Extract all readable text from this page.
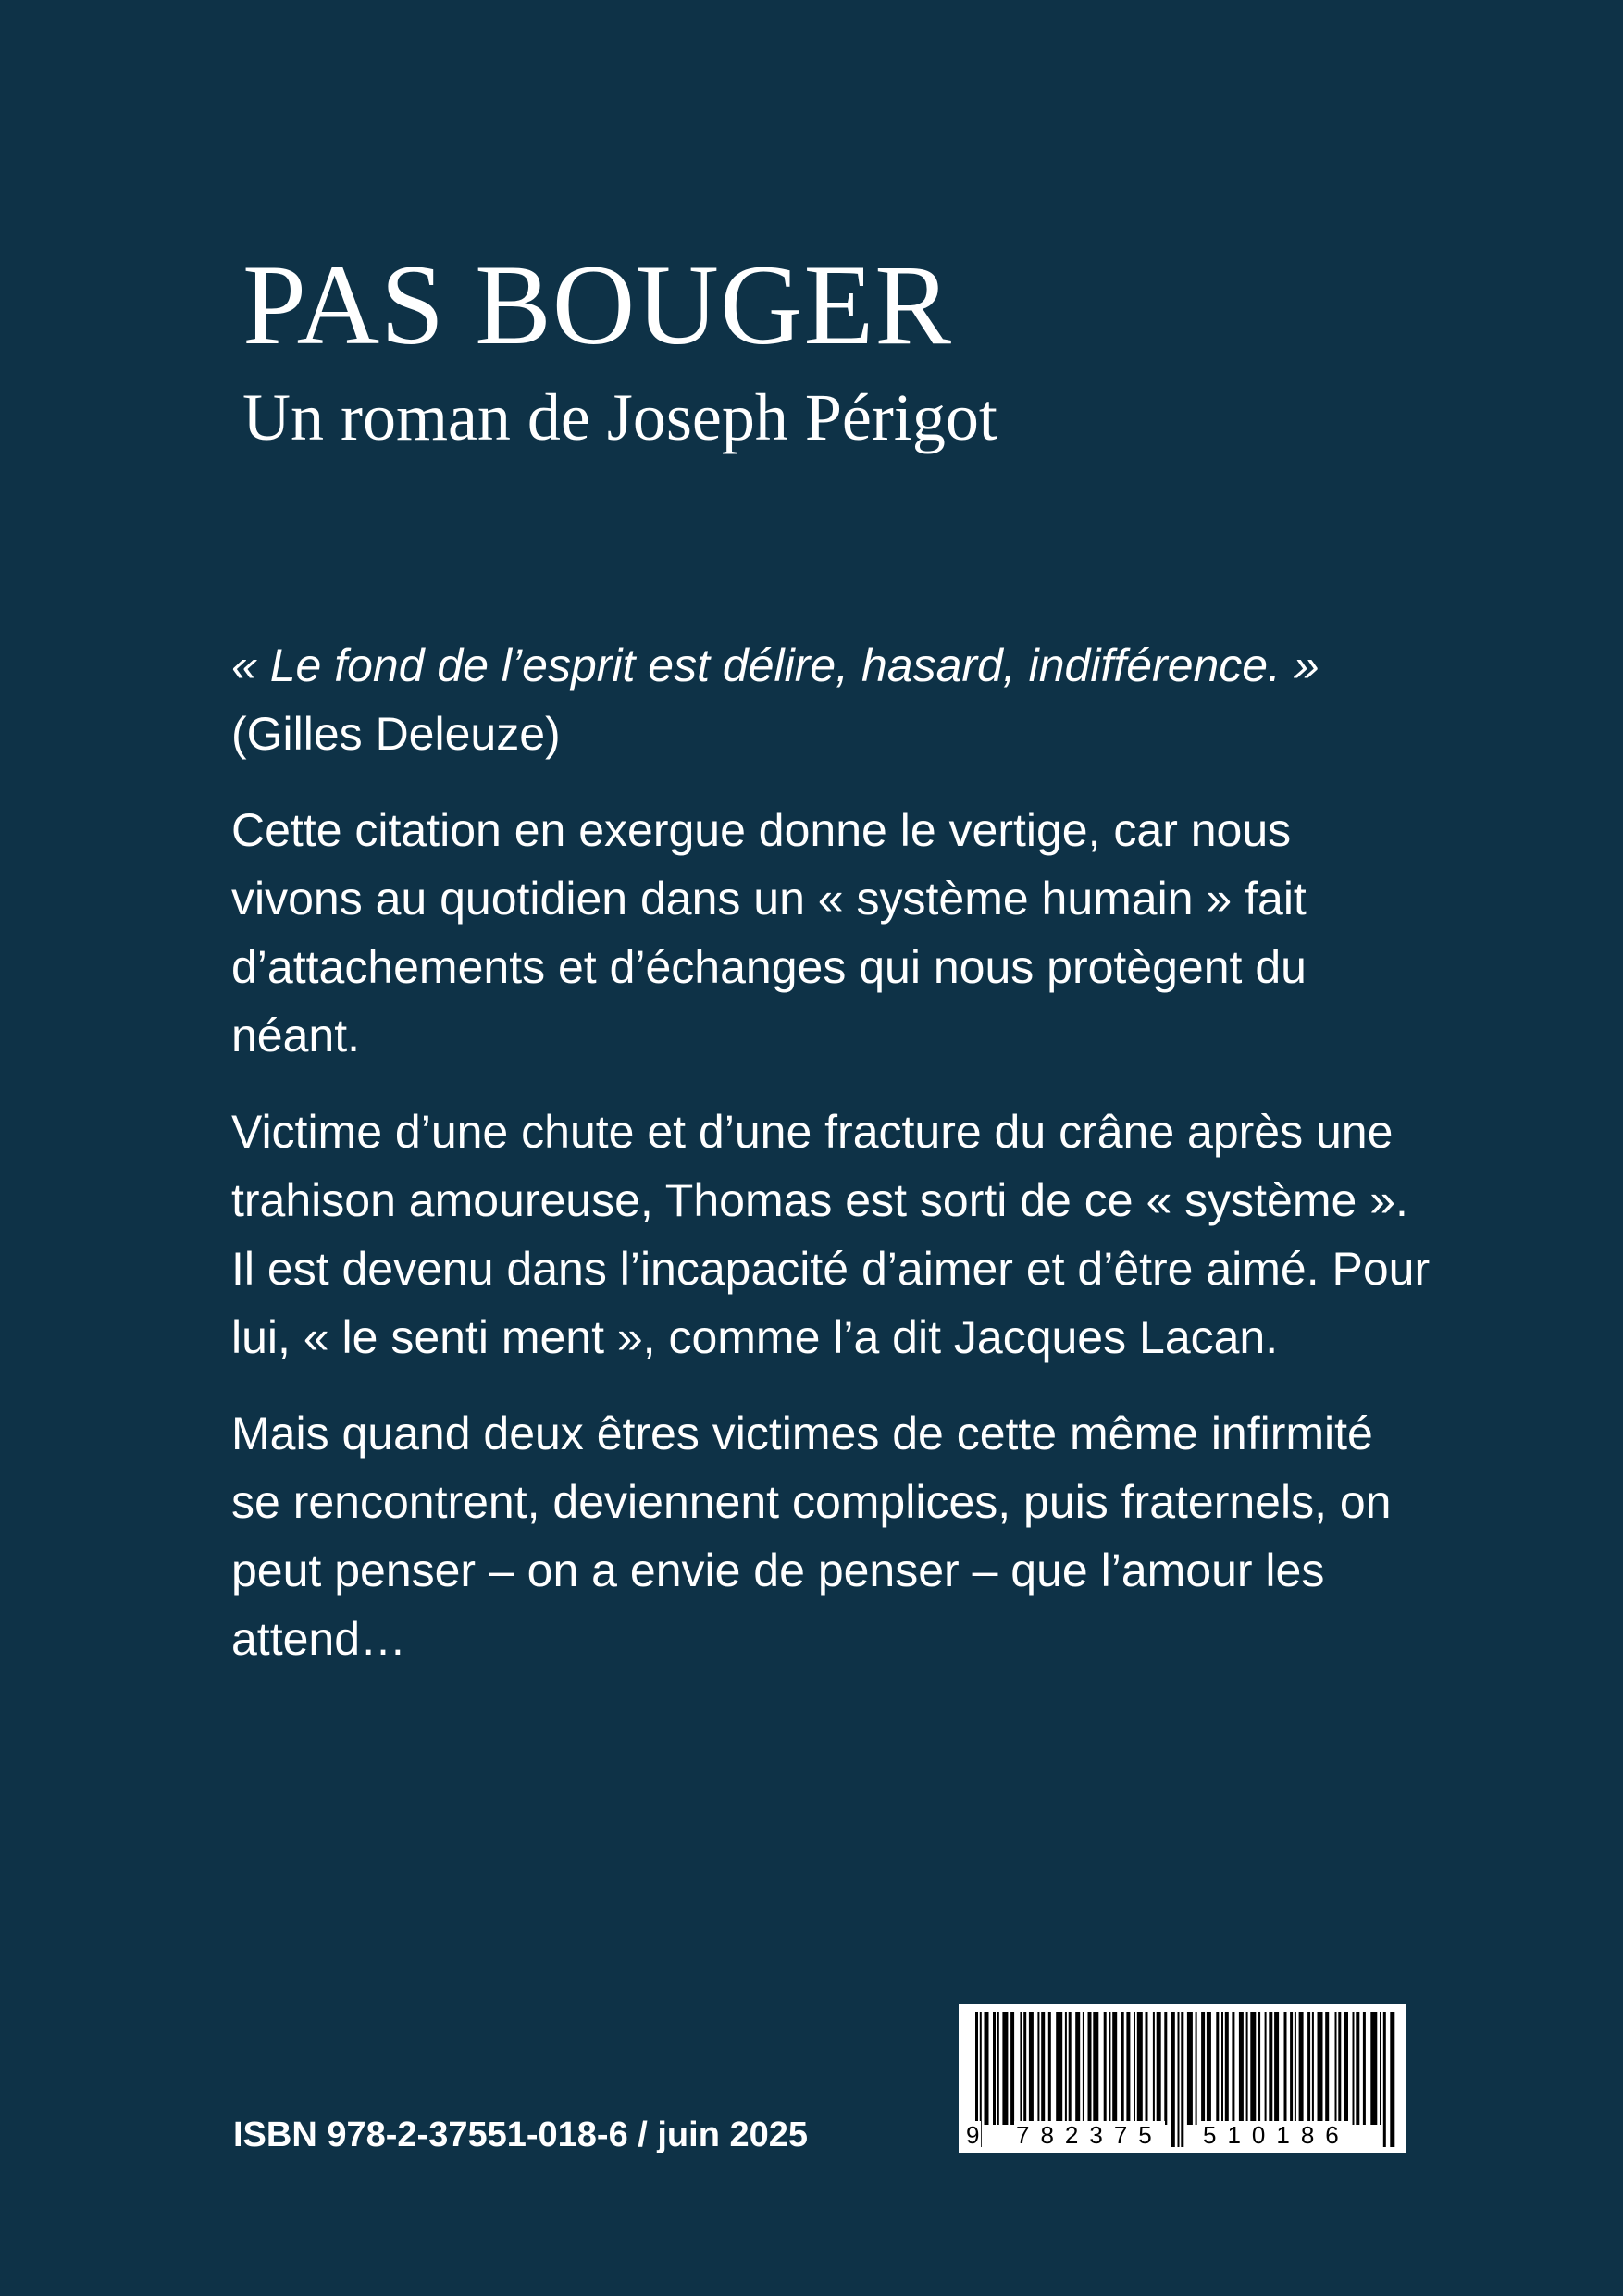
PAS BOUGER
Un roman de Joseph Périgot

« Le fond de l’esprit est délire, hasard, indifférence. » (Gilles Deleuze)

Cette citation en exergue donne le vertige, car nous vivons au quotidien dans un « système humain » fait d’attachements et d’échanges qui nous protègent du néant.

Victime d’une chute et d’une fracture du crâne après une trahison amoureuse, Thomas est sorti de ce « système ». Il est devenu dans l’incapacité d’aimer et d’être aimé. Pour lui, « le senti ment », comme l’a dit Jacques Lacan.

Mais quand deux êtres victimes de cette même infirmité se rencontrent, deviennent complices, puis fraternels, on peut penser – on a envie de penser – que l’amour les attend…

ISBN 978-2-37551-018-6 / juin 2025	9 782375 510186
